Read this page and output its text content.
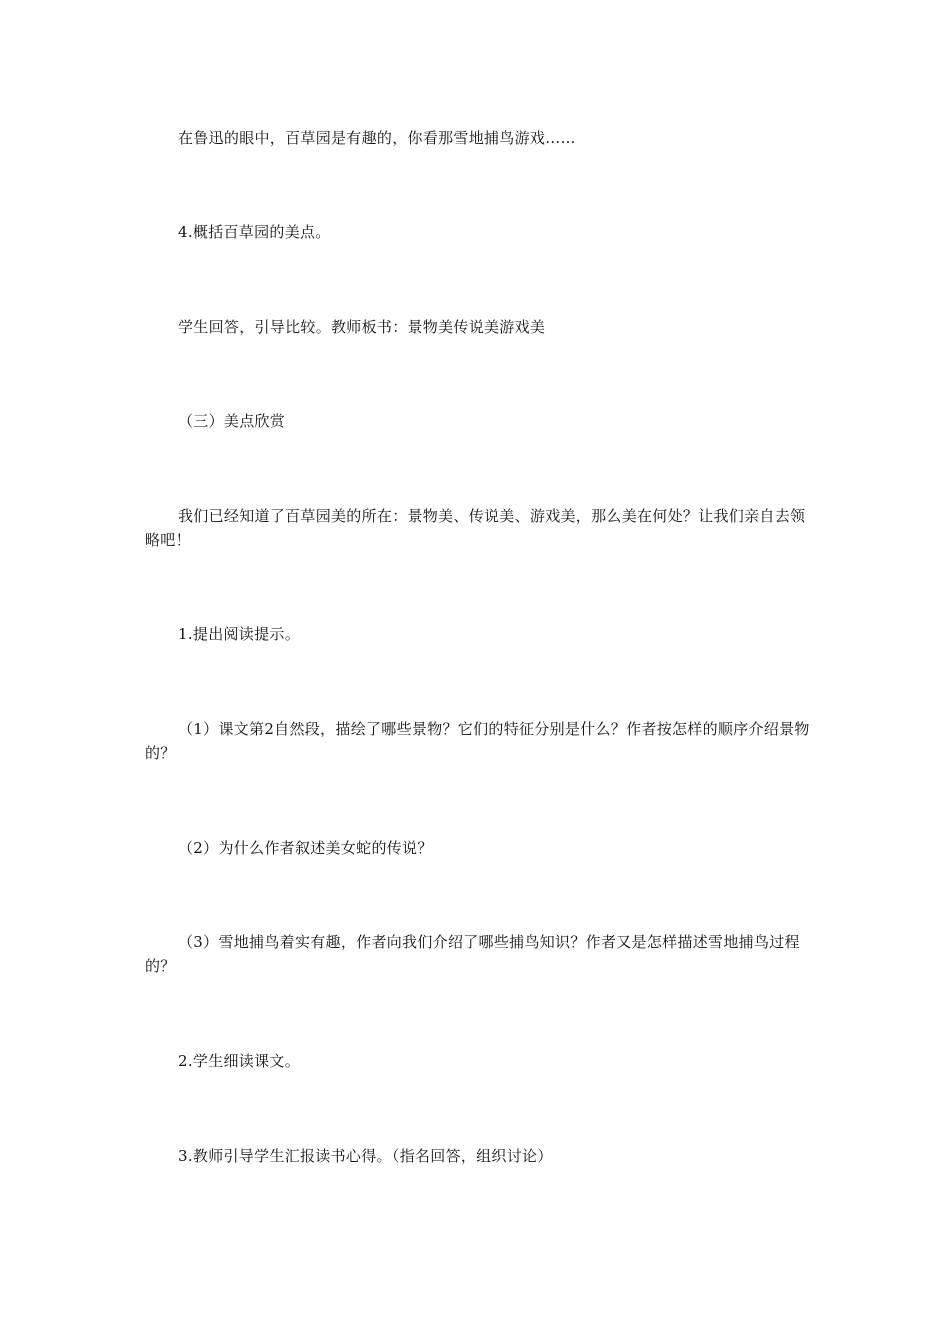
在鲁迅的眼中，百草园是有趣的，你看那雪地捕鸟游戏……

4.概括百草园的美点。

学生回答，引导比较。教师板书：景物美传说美游戏美

（三）美点欣赏

我们已经知道了百草园美的所在：景物美、传说美、游戏美，那么美在何处？让我们亲自去领略吧！

1.提出阅读提示。

（1）课文第2自然段，描绘了哪些景物？它们的特征分别是什么？作者按怎样的顺序介绍景物的？

（2）为什么作者叙述美女蛇的传说？

（3）雪地捕鸟着实有趣，作者向我们介绍了哪些捕鸟知识？作者又是怎样描述雪地捕鸟过程的？

2.学生细读课文。

3.教师引导学生汇报读书心得。（指名回答，组织讨论）
